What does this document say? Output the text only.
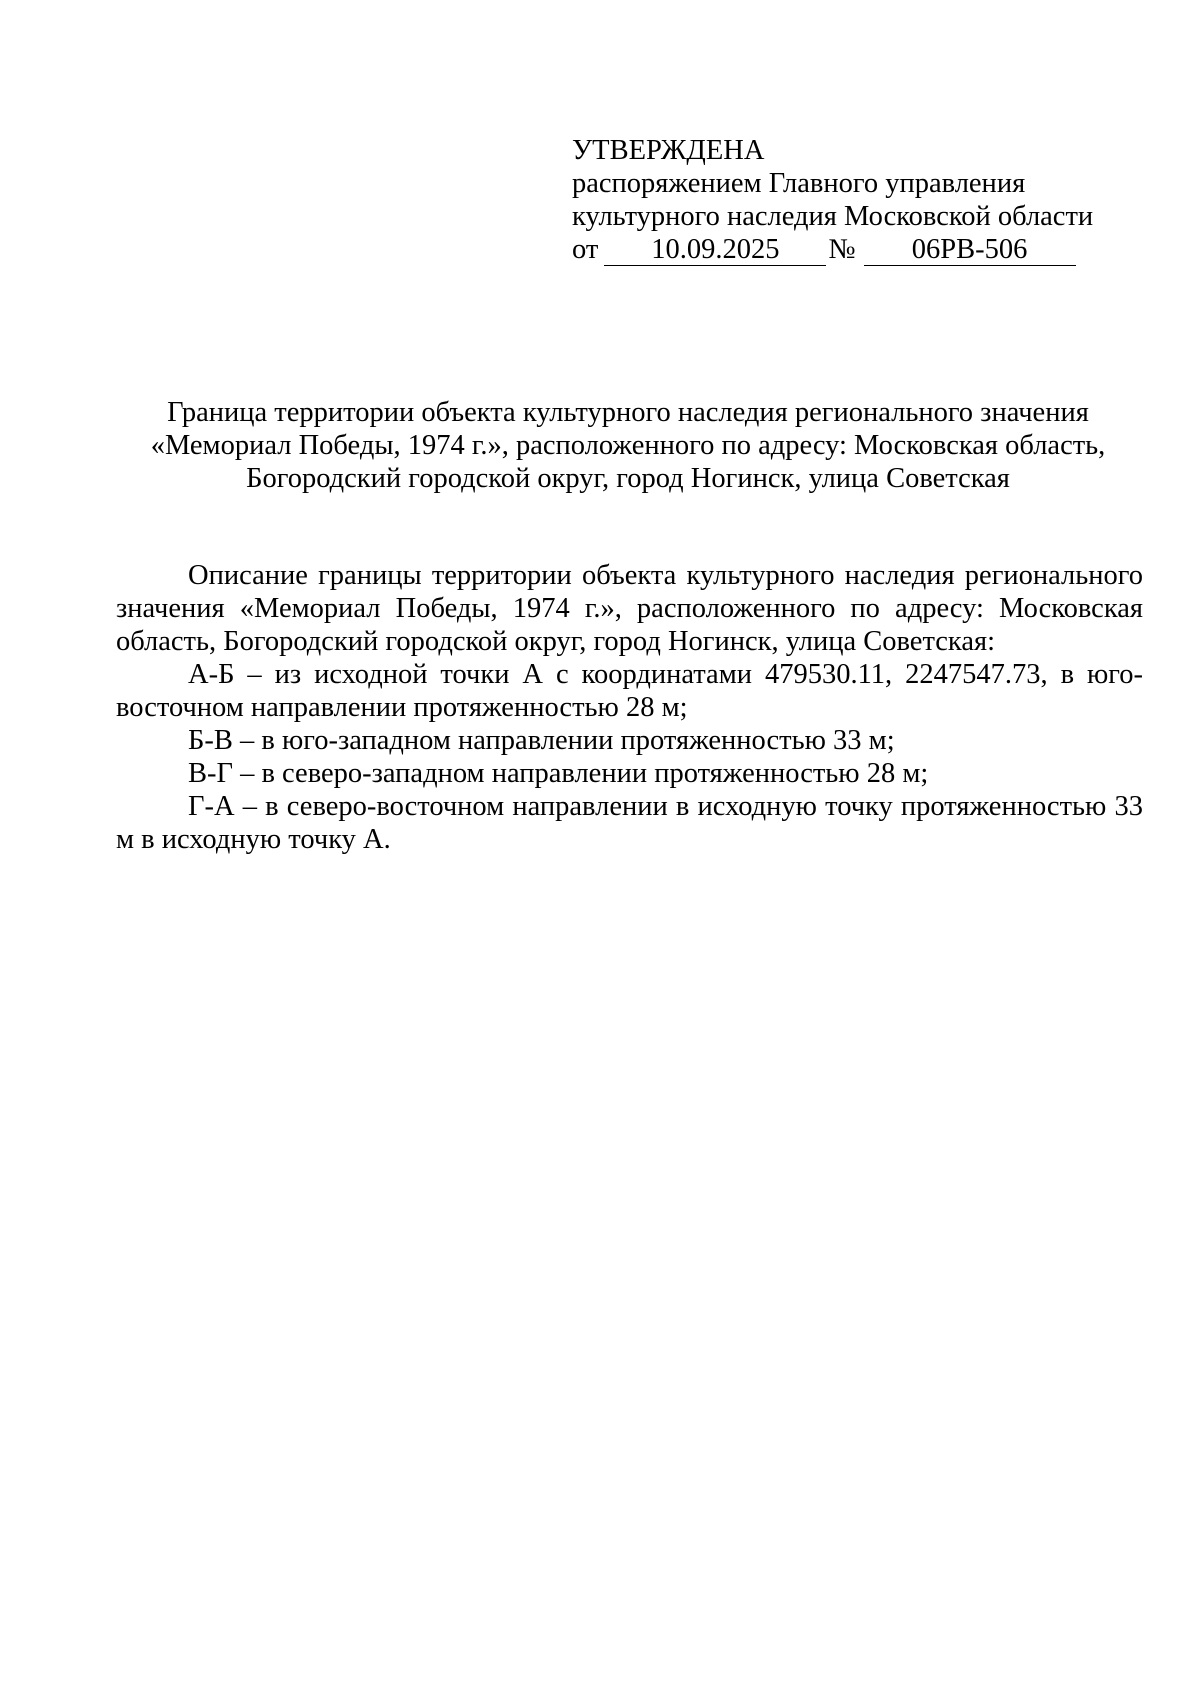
УТВЕРЖДЕНА
распоряжением Главного управления
культурного наследия Московской области
от 10.09.2025 № 06РВ-506
Граница территории объекта культурного наследия регионального значения
«Мемориал Победы, 1974 г.», расположенного по адресу: Московская область,
Богородский городской округ, город Ногинск, улица Советская

Описание границы территории объекта культурного наследия регионального значения «Мемориал Победы, 1974 г.», расположенного по адресу: Московская область, Богородский городской округ, город Ногинск, улица Советская:

А-Б – из исходной точки А с координатами 479530.11, 2247547.73, в юго-восточном направлении протяженностью 28 м;

Б-В – в юго-западном направлении протяженностью 33 м;

В-Г – в северо-западном направлении протяженностью 28 м;

Г-А – в северо-восточном направлении в исходную точку протяженностью 33 м в исходную точку А.
